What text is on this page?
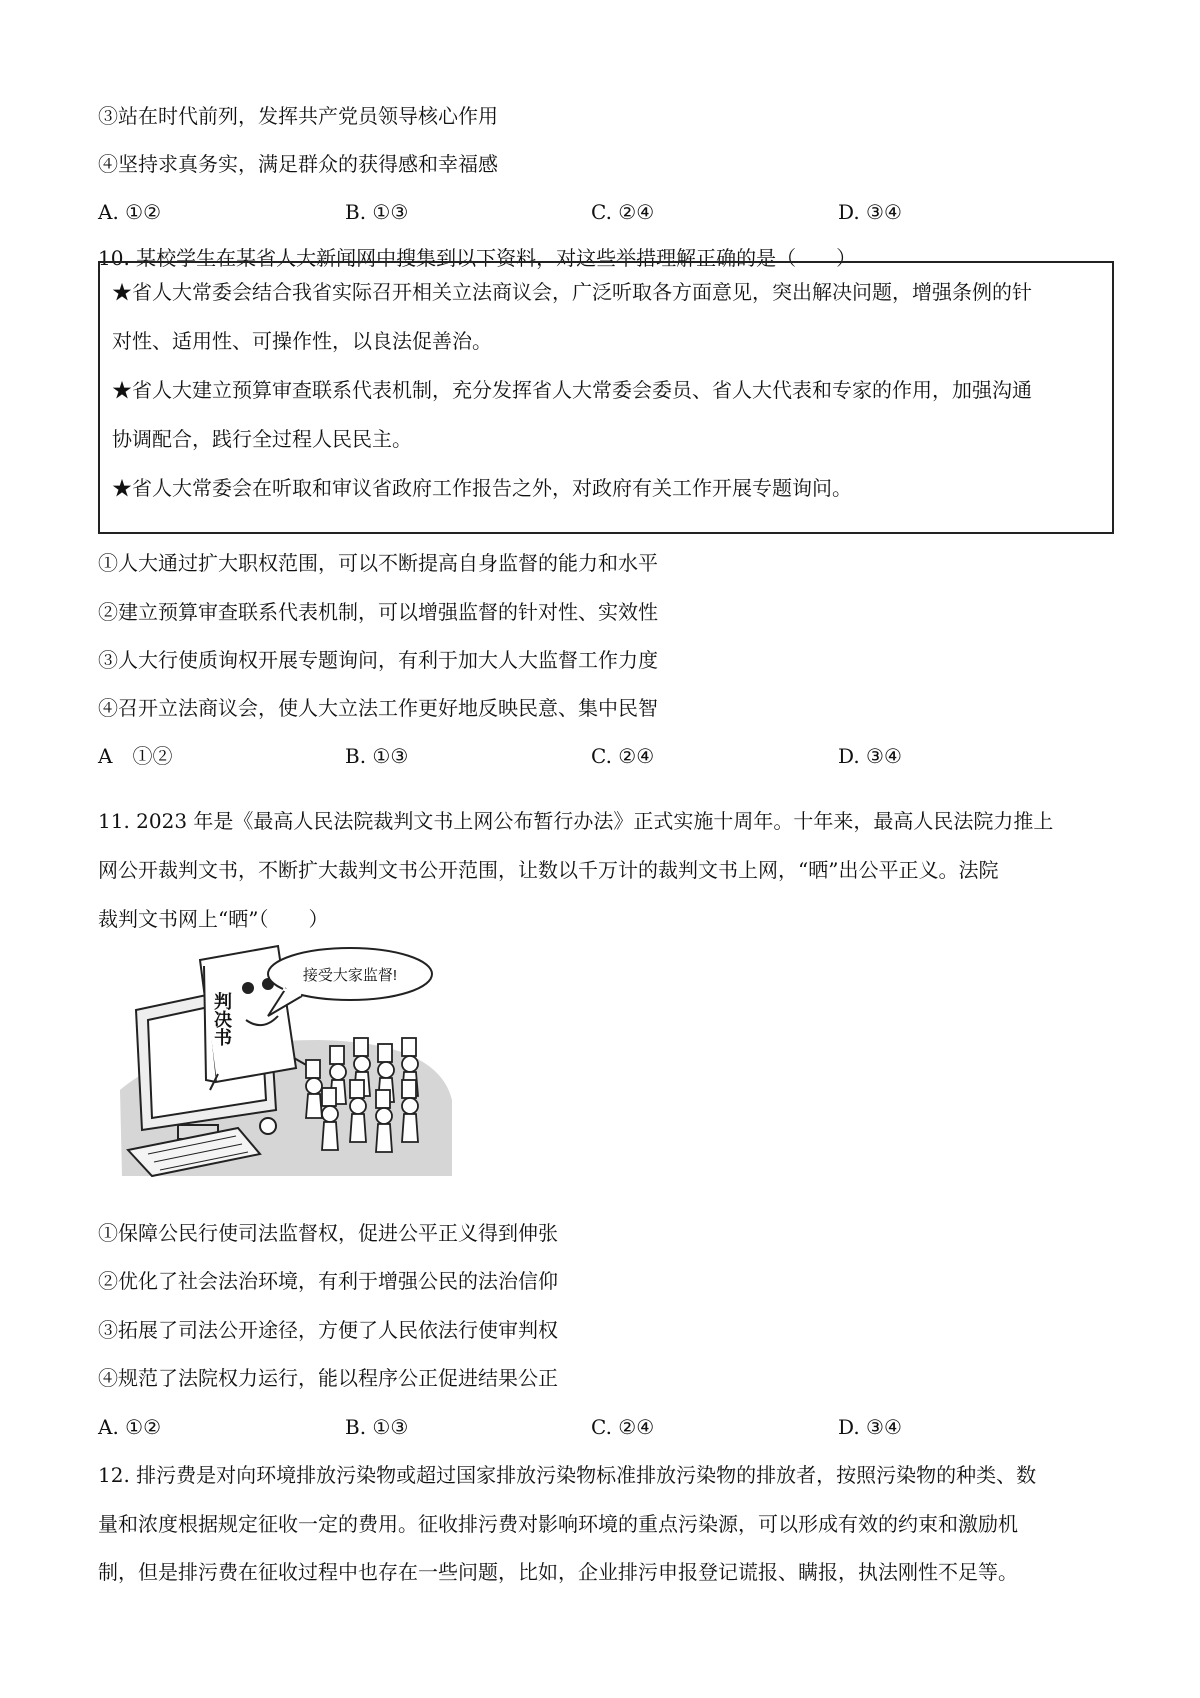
③站在时代前列，发挥共产党员领导核心作用
④坚持求真务实，满足群众的获得感和幸福感
A. ①②	B. ①③	C. ②④	D. ③④
10. 某校学生在某省人大新闻网中搜集到以下资料，对这些举措理解正确的是（　　）
★省人大常委会结合我省实际召开相关立法商议会，广泛听取各方面意见，突出解决问题，增强条例的针
对性、适用性、可操作性，以良法促善治。
★省人大建立预算审查联系代表机制，充分发挥省人大常委会委员、省人大代表和专家的作用，加强沟通
协调配合，践行全过程人民民主。
★省人大常委会在听取和审议省政府工作报告之外，对政府有关工作开展专题询问。
①人大通过扩大职权范围，可以不断提高自身监督的能力和水平
②建立预算审查联系代表机制，可以增强监督的针对性、实效性
③人大行使质询权开展专题询问，有利于加大人大监督工作力度
④召开立法商议会，使人大立法工作更好地反映民意、集中民智
A　①②	B. ①③	C. ②④	D. ③④
11. 2023 年是《最高人民法院裁判文书上网公布暂行办法》正式实施十周年。十年来，最高人民法院力推上
网公开裁判文书，不断扩大裁判文书公开范围，让数以千万计的裁判文书上网，“晒”出公平正义。法院
裁判文书网上“晒”（　　）
判决书
接受大家监督!
①保障公民行使司法监督权，促进公平正义得到伸张
②优化了社会法治环境，有利于增强公民的法治信仰
③拓展了司法公开途径，方便了人民依法行使审判权
④规范了法院权力运行，能以程序公正促进结果公正
A. ①②	B. ①③	C. ②④	D. ③④
12. 排污费是对向环境排放污染物或超过国家排放污染物标准排放污染物的排放者，按照污染物的种类、数
量和浓度根据规定征收一定的费用。征收排污费对影响环境的重点污染源，可以形成有效的约束和激励机
制，但是排污费在征收过程中也存在一些问题，比如，企业排污申报登记谎报、瞒报，执法刚性不足等。
